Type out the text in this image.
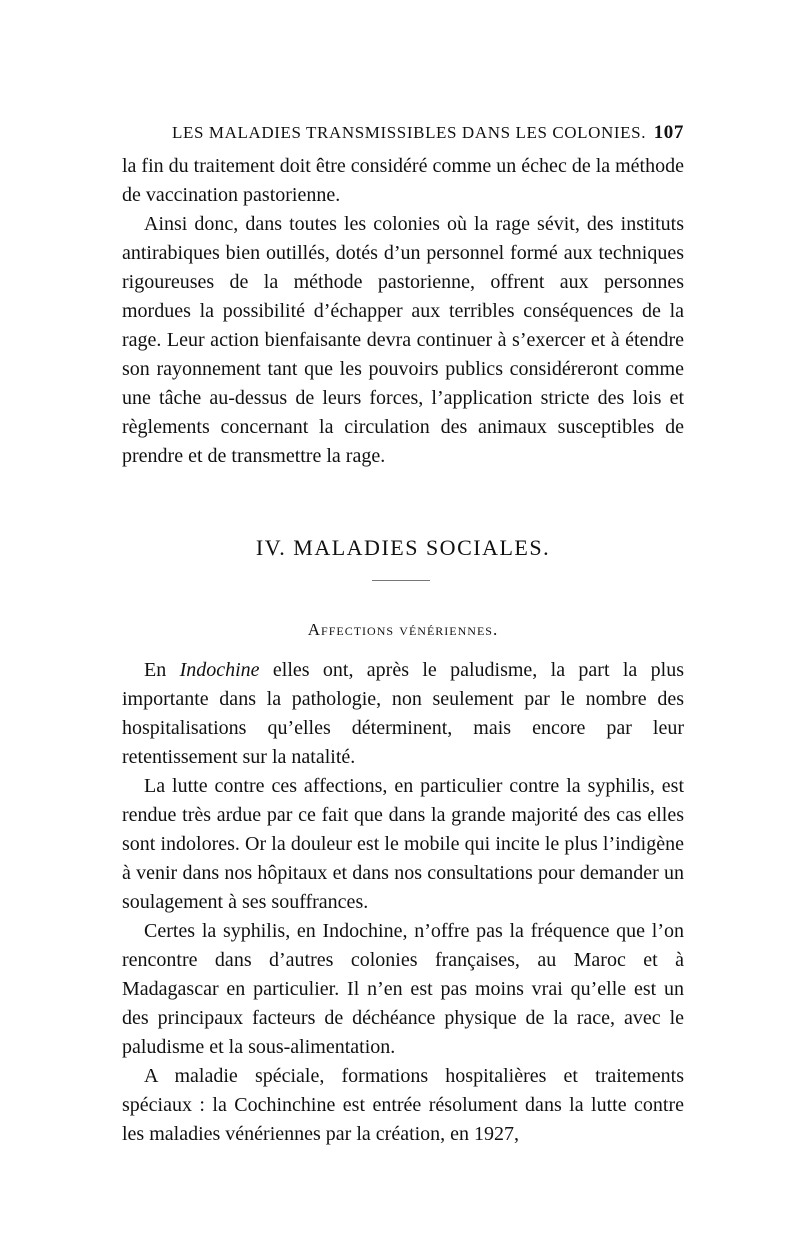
LES MALADIES TRANSMISSIBLES DANS LES COLONIES. 107

la fin du traitement doit être considéré comme un échec de la méthode de vaccination pastorienne.

Ainsi donc, dans toutes les colonies où la rage sévit, des instituts antirabiques bien outillés, dotés d’un personnel formé aux techniques rigoureuses de la méthode pastorienne, offrent aux personnes mordues la possibilité d’échapper aux terribles conséquences de la rage. Leur action bienfaisante devra continuer à s’exercer et à étendre son rayonnement tant que les pouvoirs publics considéreront comme une tâche au-dessus de leurs forces, l’application stricte des lois et règlements concernant la circulation des animaux susceptibles de prendre et de transmettre la rage.

IV. MALADIES SOCIALES.
Affections vénériennes.

En Indochine elles ont, après le paludisme, la part la plus importante dans la pathologie, non seulement par le nombre des hospitalisations qu’elles déterminent, mais encore par leur retentissement sur la natalité.

La lutte contre ces affections, en particulier contre la syphilis, est rendue très ardue par ce fait que dans la grande majorité des cas elles sont indolores. Or la douleur est le mobile qui incite le plus l’indigène à venir dans nos hôpitaux et dans nos consultations pour demander un soulagement à ses souffrances.

Certes la syphilis, en Indochine, n’offre pas la fréquence que l’on rencontre dans d’autres colonies françaises, au Maroc et à Madagascar en particulier. Il n’en est pas moins vrai qu’elle est un des principaux facteurs de déchéance physique de la race, avec le paludisme et la sous-alimentation.

A maladie spéciale, formations hospitalières et traitements spéciaux : la Cochinchine est entrée résolument dans la lutte contre les maladies vénériennes par la création, en 1927,
